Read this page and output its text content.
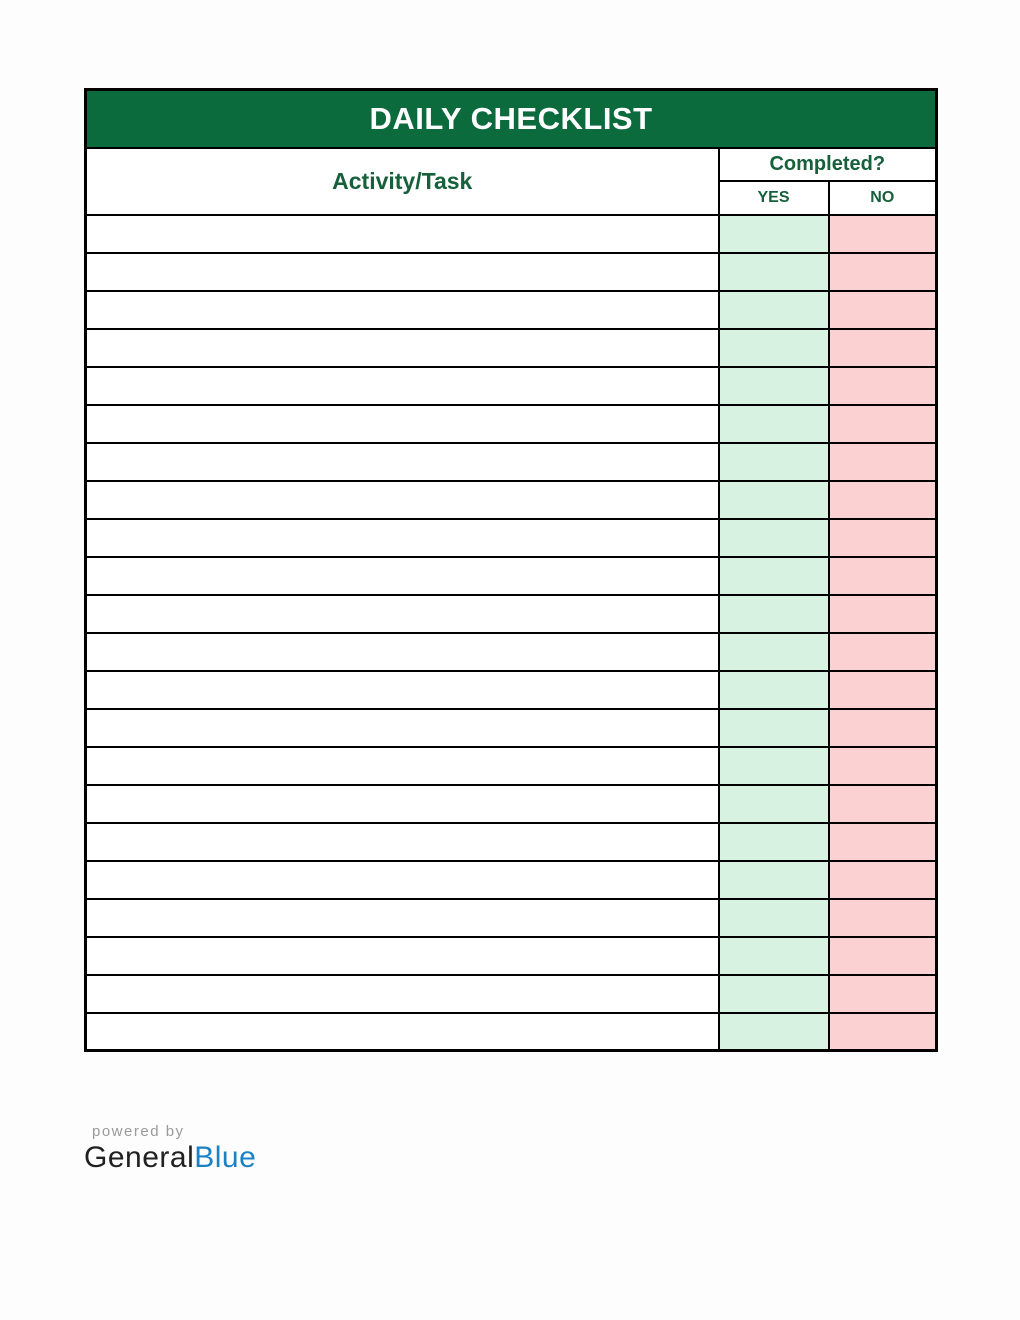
DAILY CHECKLIST		
Activity/Task	Completed?	
	YES	NO

powered by
GeneralBlue
